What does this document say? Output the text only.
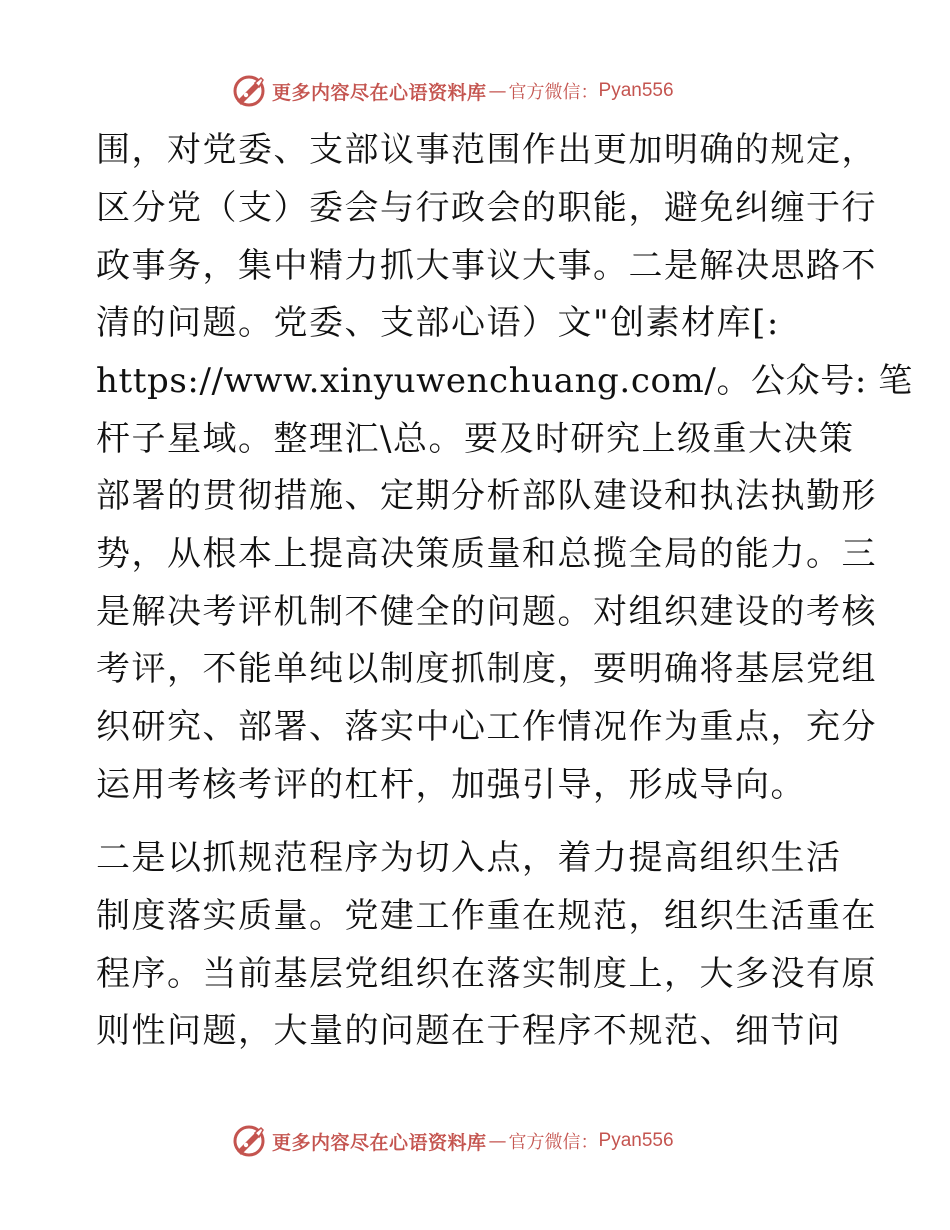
更多内容尽在心语资料库 — 官方微信： Pyan556
围，对党委、支部议事范围作出更加明确的规定，
区分党（支）委会与行政会的职能，避免纠缠于行
政事务，集中精力抓大事议大事。二是解决思路不
清的问题。党委、支部心语）文"创素材库[:
https://www.xinyuwenchuang.com/。公众号: 笔
杆子星域。整理汇\总。要及时研究上级重大决策
部署的贯彻措施、定期分析部队建设和执法执勤形
势，从根本上提高决策质量和总揽全局的能力。三
是解决考评机制不健全的问题。对组织建设的考核
考评，不能单纯以制度抓制度，要明确将基层党组
织研究、部署、落实中心工作情况作为重点，充分
运用考核考评的杠杆，加强引导，形成导向。
二是以抓规范程序为切入点，着力提高组织生活
制度落实质量。党建工作重在规范，组织生活重在
程序。当前基层党组织在落实制度上，大多没有原
则性问题，大量的问题在于程序不规范、细节问
更多内容尽在心语资料库 — 官方微信： Pyan556
